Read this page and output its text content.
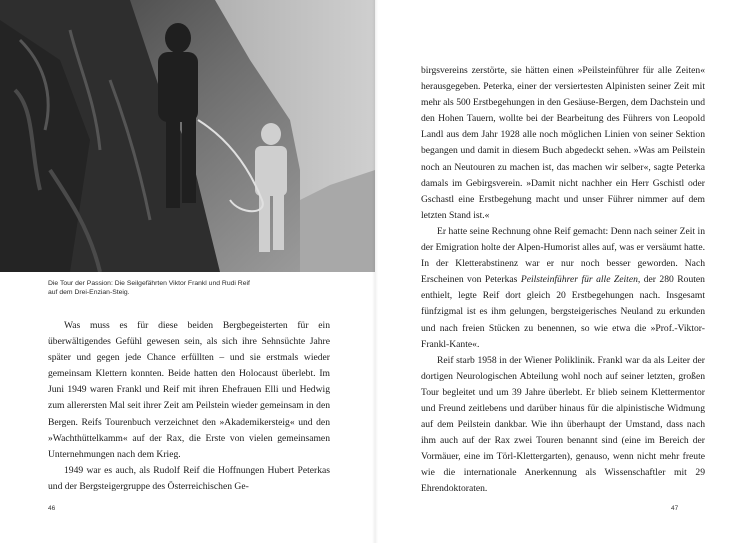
Die Tour der Passion: Die Seilgefährten Viktor Frankl und Rudi Reif

auf dem Drei-Enzian-Steig.

Was muss es für diese beiden Bergbegeisterten für ein überwältigendes Gefühl gewesen sein, als sich ihre Sehnsüchte Jahre später und gegen jede Chance erfüllten – und sie erstmals wieder gemeinsam Klettern konnten. Beide hatten den Holocaust überlebt. Im Juni 1949 waren Frankl und Reif mit ihren Ehefrauen Elli und Hedwig zum allerersten Mal seit ihrer Zeit am Peilstein wieder gemeinsam in den Bergen. Reifs Tourenbuch verzeichnet den »Akademikersteig« und den »Wachthüttelkamm« auf der Rax, die Erste von vielen gemeinsamen Unternehmungen nach dem Krieg.

1949 war es auch, als Rudolf Reif die Hoffnungen Hubert Peterkas und der Bergsteigergruppe des Österreichischen Ge-

46

birgsvereins zerstörte, sie hätten einen »Peilsteinführer für alle Zeiten« herausgegeben. Peterka, einer der versiertesten Alpinisten seiner Zeit mit mehr als 500 Erstbegehungen in den Gesäuse-Bergen, dem Dachstein und den Hohen Tauern, wollte bei der Bearbeitung des Führers von Leopold Landl aus dem Jahr 1928 alle noch möglichen Linien von seiner Sektion begangen und damit in diesem Buch abgedeckt sehen. »Was am Peilstein noch an Neutouren zu machen ist, das machen wir selber«, sagte Peterka damals im Gebirgsverein. »Damit nicht nachher ein Herr Gschistl oder Gschastl eine Erstbegehung macht und unser Führer nimmer auf dem letzten Stand ist.«

Er hatte seine Rechnung ohne Reif gemacht: Denn nach seiner Zeit in der Emigration holte der Alpen-Humorist alles auf, was er versäumt hatte. In der Kletterabstinenz war er nur noch besser geworden. Nach Erscheinen von Peterkas Peilsteinführer für alle Zeiten, der 280 Routen enthielt, legte Reif dort gleich 20 Erstbegehungen nach. Insgesamt fünfzigmal ist es ihm gelungen, bergsteigerisches Neuland zu erkunden und nach freien Stücken zu benennen, so wie etwa die »Prof.-Viktor-Frankl-Kante«.

Reif starb 1958 in der Wiener Poliklinik. Frankl war da als Leiter der dortigen Neurologischen Abteilung wohl noch auf seiner letzten, großen Tour begleitet und um 39 Jahre überlebt. Er blieb seinem Klettermentor und Freund zeitlebens und darüber hinaus für die alpinistische Widmung auf dem Peilstein dankbar. Wie ihn überhaupt der Umstand, dass nach ihm auch auf der Rax zwei Touren benannt sind (eine im Bereich der Vormäuer, eine im Törl-Klettergarten), genauso, wenn nicht mehr freute wie die internationale Anerkennung als Wissenschaftler mit 29 Ehrendoktoraten.

47
